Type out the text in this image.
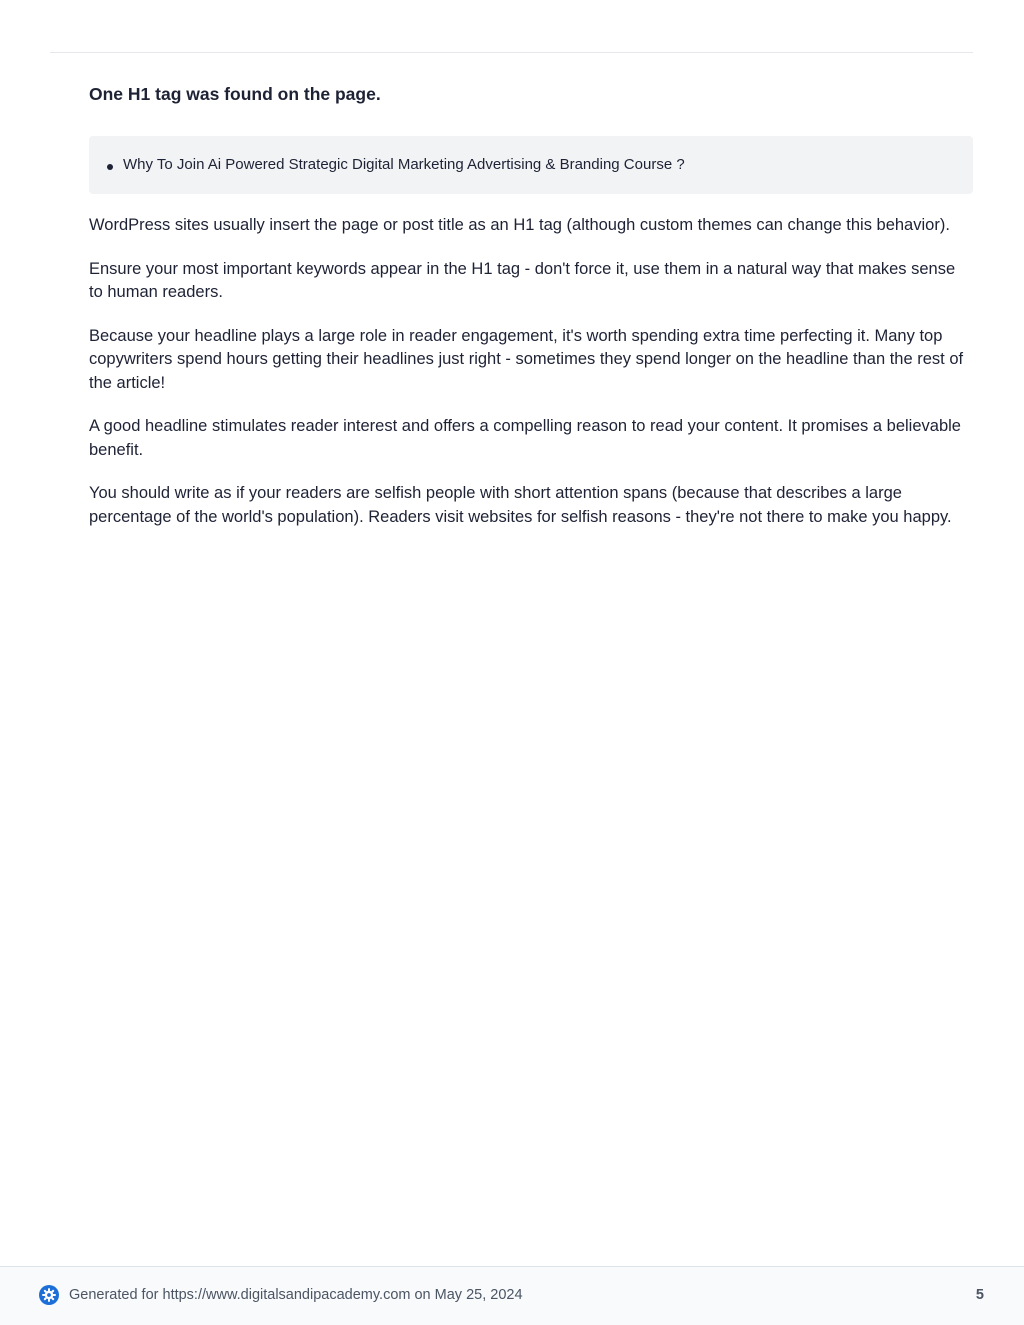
One H1 tag was found on the page.
Why To Join Ai Powered Strategic Digital Marketing Advertising & Branding Course ?

WordPress sites usually insert the page or post title as an H1 tag (although custom themes can change this behavior).

Ensure your most important keywords appear in the H1 tag - don't force it, use them in a natural way that makes sense to human readers.

Because your headline plays a large role in reader engagement, it's worth spending extra time perfecting it. Many top copywriters spend hours getting their headlines just right - sometimes they spend longer on the headline than the rest of the article!

A good headline stimulates reader interest and offers a compelling reason to read your content. It promises a believable benefit.

You should write as if your readers are selfish people with short attention spans (because that describes a large percentage of the world's population). Readers visit websites for selfish reasons - they're not there to make you happy.

Generated for https://www.digitalsandipacademy.com on May 25, 2024	5
